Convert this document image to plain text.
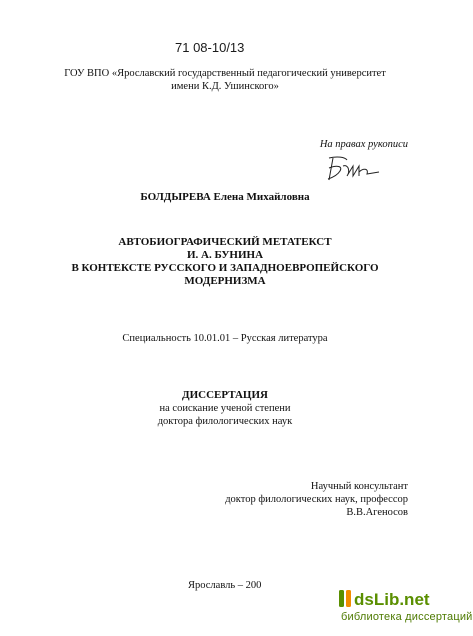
71 08-10/13
ГОУ ВПО «Ярославский государственный педагогический университет
имени К.Д. Ушинского»
На правах рукописи
БОЛДЫРЕВА Елена Михайловна
АВТОБИОГРАФИЧЕСКИЙ МЕТАТЕКСТ
И. А. БУНИНА
В КОНТЕКСТЕ РУССКОГО И ЗАПАДНОЕВРОПЕЙСКОГО
МОДЕРНИЗМА
Специальность 10.01.01 – Русская литература
ДИССЕРТАЦИЯ
на соискание ученой степени
доктора филологических наук
Научный консультант
доктор филологических наук, профессор
В.В.Агеносов
Ярославль – 200
dsLib.net
библиотека диссертаций
